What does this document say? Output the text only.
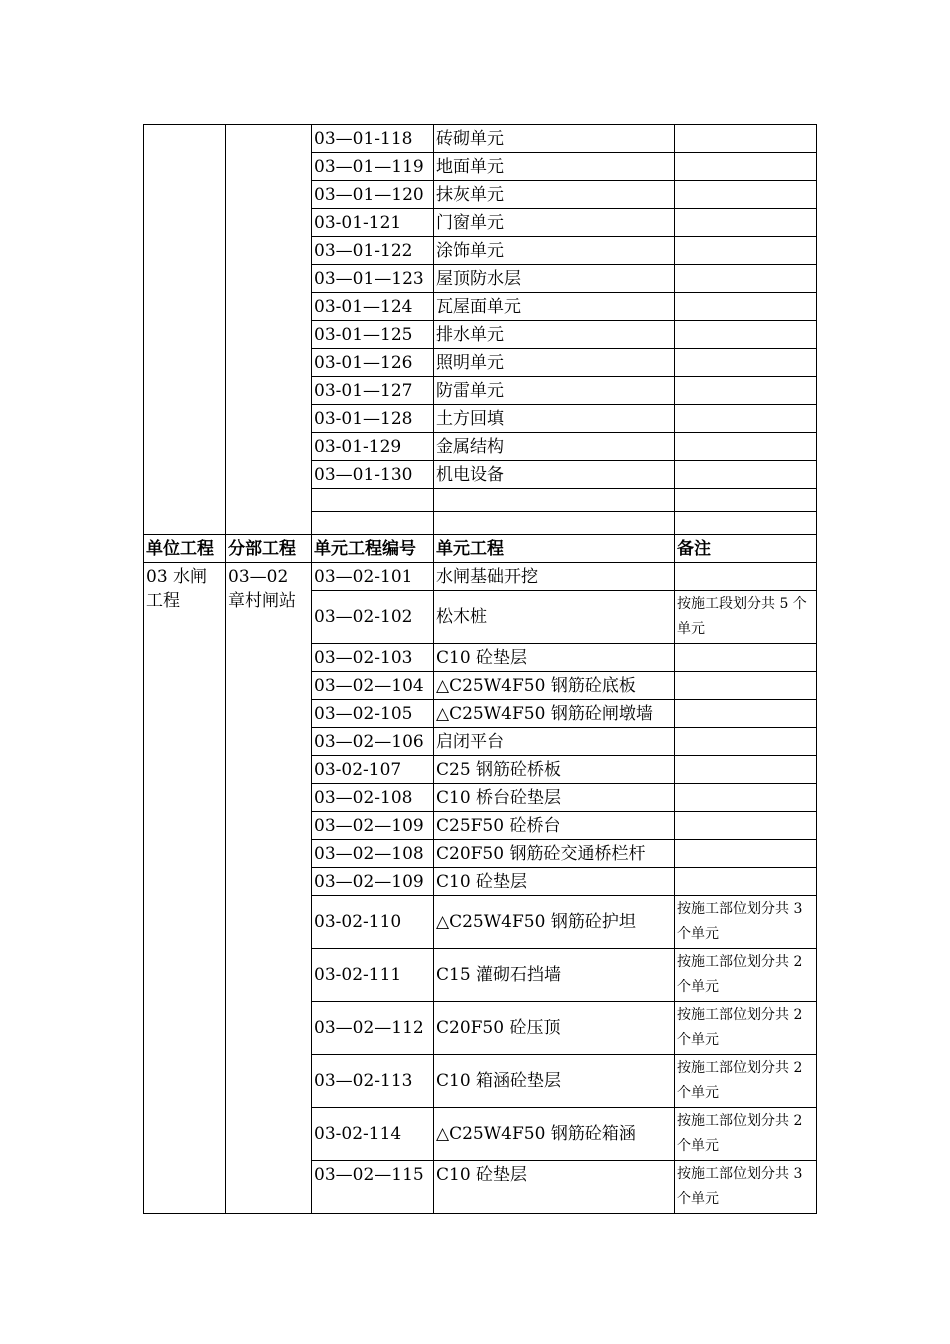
		03—01-118	砖砌单元	
		03—01—119	地面单元	
		03—01—120	抹灰单元	
		03-01-121	门窗单元	
		03—01-122	涂饰单元	
		03—01—123	屋顶防水层	
		03-01—124	瓦屋面单元	
		03-01—125	排水单元	
		03-01—126	照明单元	
		03-01—127	防雷单元	
		03-01—128	土方回填	
		03-01-129	金属结构	
		03—01-130	机电设备	

单位工程	分部工程	单元工程编号	单元工程	备注
03 水闸工程	03—02 章村闸站	03—02-101	水闸基础开挖	
		03—02-102	松木桩	按施工段划分共 5 个单元
		03—02-103	C10 砼垫层	
		03—02—104	△C25W4F50 钢筋砼底板	
		03—02-105	△C25W4F50 钢筋砼闸墩墙	
		03—02—106	启闭平台	
		03-02-107	C25 钢筋砼桥板	
		03—02-108	C10 桥台砼垫层	
		03—02—109	C25F50 砼桥台	
		03—02—108	C20F50 钢筋砼交通桥栏杆	
		03—02—109	C10 砼垫层	
		03-02-110	△C25W4F50 钢筋砼护坦	按施工部位划分共 3 个单元
		03-02-111	C15 灌砌石挡墙	按施工部位划分共 2 个单元
		03—02—112	C20F50 砼压顶	按施工部位划分共 2 个单元
		03—02-113	C10 箱涵砼垫层	按施工部位划分共 2 个单元
		03-02-114	△C25W4F50 钢筋砼箱涵	按施工部位划分共 2 个单元
		03—02—115	C10 砼垫层	按施工部位划分共 3 个单元
